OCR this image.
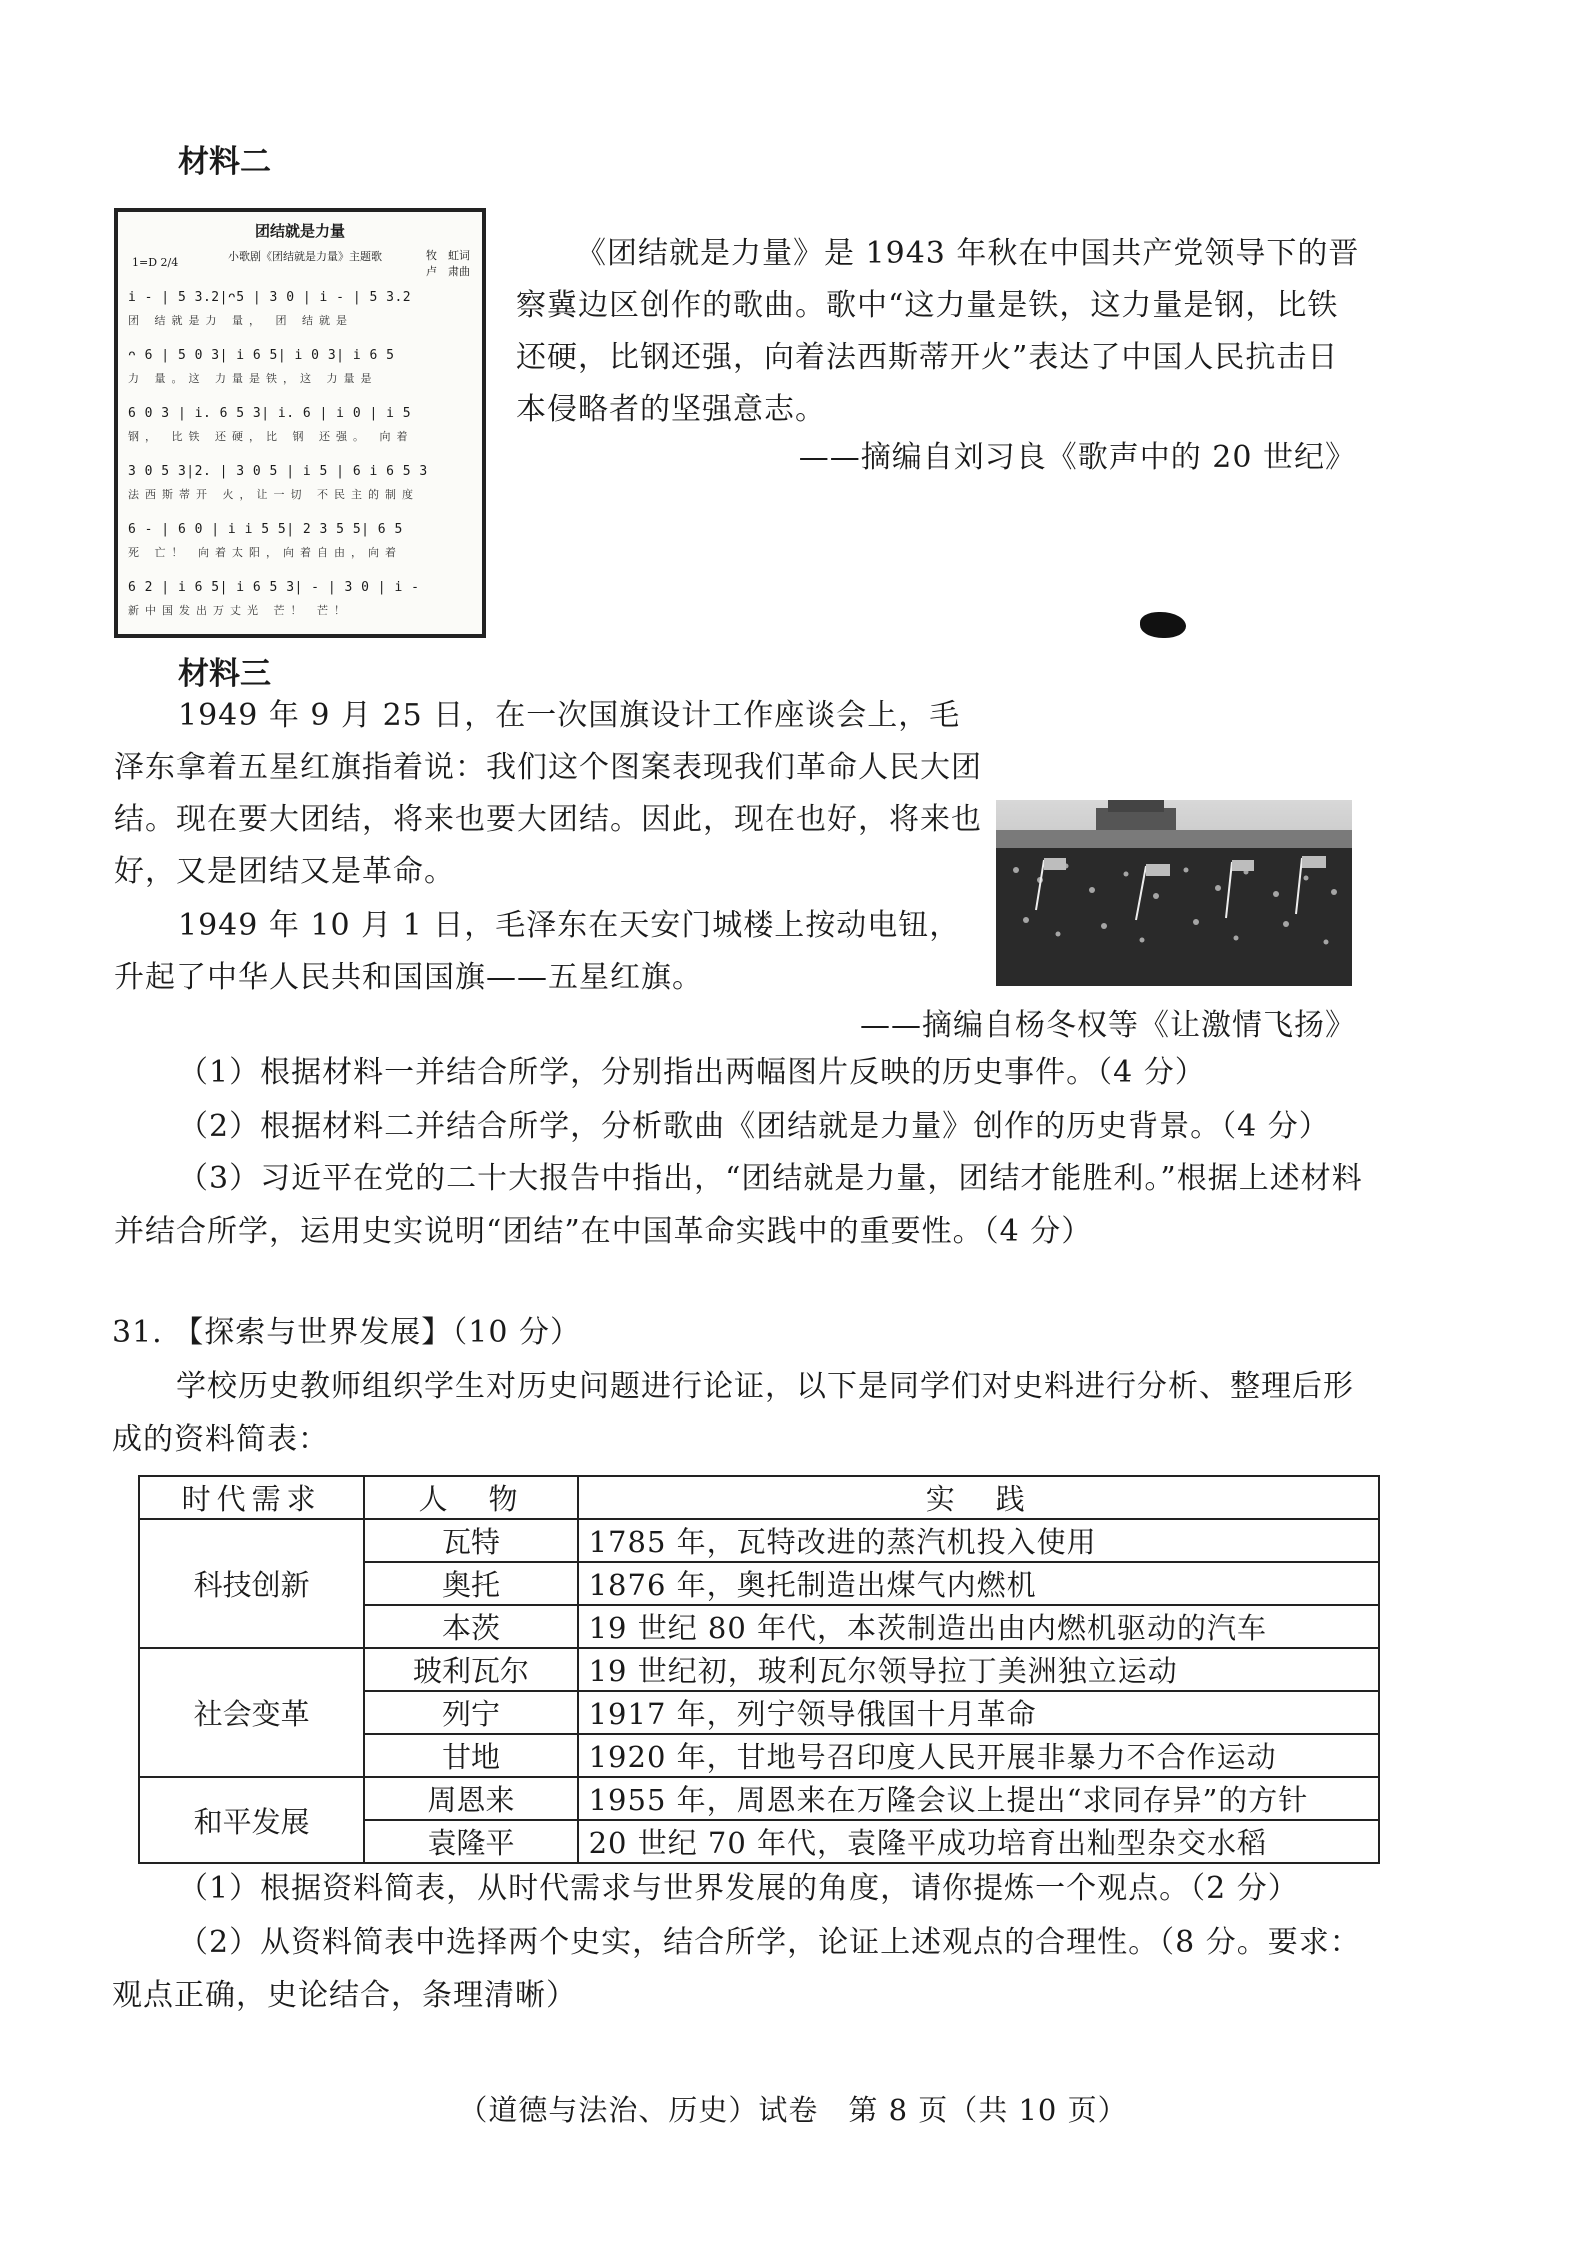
材料二
团结就是力量
1=D 2/4	小歌剧《团结就是力量》主题歌	牧　虹词
卢　肃曲
i - | 5 3.2|ᴖ5 | 3 0 | i - | 5 3.2
团 结就是力 量， 团 结就是
ᴖ 6 | 5 0 3| i 6 5| i 0 3| i 6 5
力 量。这 力量是铁，这 力量是
6 0 3 | i. 6 5 3| i. 6 | i 0 | i 5
钢， 比铁 还硬，比 钢 还强。 向着
3 0 5 3|2. | 3 0 5 | i 5 | 6 i 6 5 3
法西斯蒂开 火，让一切 不民主的制度
6 - | 6 0 | i i 5 5| 2 3 5 5| 6 5
死 亡！ 向着太阳，向着自由，向着
6 2 | i 6 5| i 6 5 3| - | 3 0 | i -
新中国发出万丈光 芒！ 芒！
《团结就是力量》是 1943 年秋在中国共产党领导下的晋察冀边区创作的歌曲。歌中“这力量是铁，这力量是钢，比铁还硬，比钢还强，向着法西斯蒂开火”表达了中国人民抗击日本侵略者的坚强意志。
——摘编自刘习良《歌声中的 20 世纪》
材料三
1949 年 9 月 25 日，在一次国旗设计工作座谈会上，毛泽东拿着五星红旗指着说：我们这个图案表现我们革命人民大团结。现在要大团结，将来也要大团结。因此，现在也好，将来也好，又是团结又是革命。
1949 年 10 月 1 日，毛泽东在天安门城楼上按动电钮，升起了中华人民共和国国旗——五星红旗。
——摘编自杨冬权等《让激情飞扬》
（1）根据材料一并结合所学，分别指出两幅图片反映的历史事件。（4 分）
（2）根据材料二并结合所学，分析歌曲《团结就是力量》创作的历史背景。（4 分）
（3）习近平在党的二十大报告中指出，“团结就是力量，团结才能胜利。”根据上述材料并结合所学，运用史实说明“团结”在中国革命实践中的重要性。（4 分）
31. 【探索与世界发展】（10 分）
学校历史教师组织学生对历史问题进行论证，以下是同学们对史料进行分析、整理后形成的资料简表：
时代需求	人　物	实　践
科技创新	瓦特	1785 年，瓦特改进的蒸汽机投入使用
	奥托	1876 年，奥托制造出煤气内燃机
	本茨	19 世纪 80 年代，本茨制造出由内燃机驱动的汽车
社会变革	玻利瓦尔	19 世纪初，玻利瓦尔领导拉丁美洲独立运动
	列宁	1917 年，列宁领导俄国十月革命
	甘地	1920 年，甘地号召印度人民开展非暴力不合作运动
和平发展	周恩来	1955 年，周恩来在万隆会议上提出“求同存异”的方针
	袁隆平	20 世纪 70 年代，袁隆平成功培育出籼型杂交水稻
（1）根据资料简表，从时代需求与世界发展的角度，请你提炼一个观点。（2 分）
（2）从资料简表中选择两个史实，结合所学，论证上述观点的合理性。（8 分。要求：观点正确，史论结合，条理清晰）
（道德与法治、历史）试卷　第 8 页（共 10 页）
